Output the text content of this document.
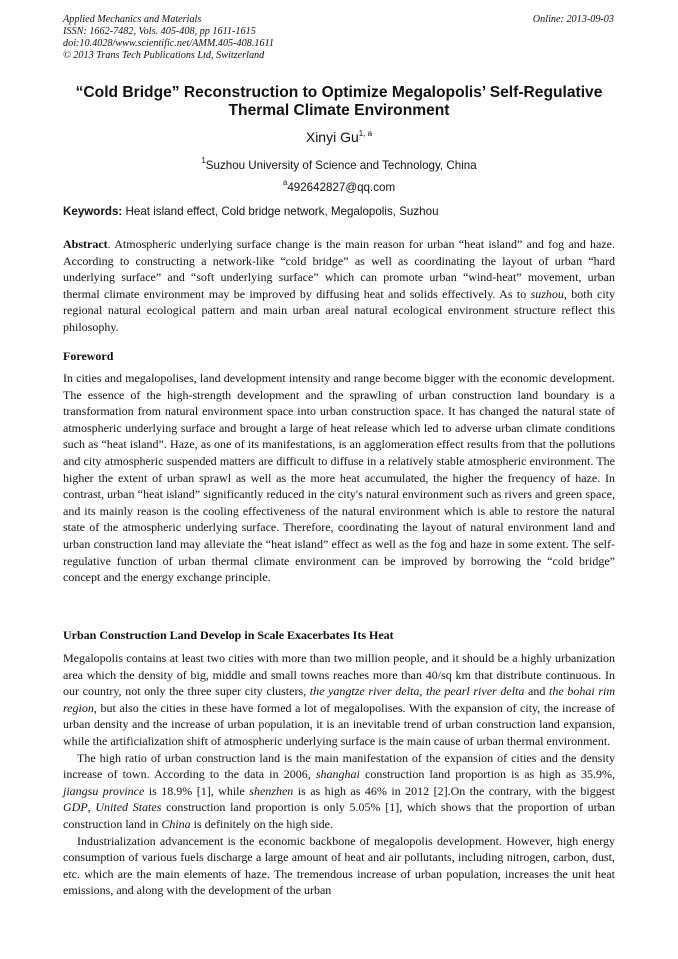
Applied Mechanics and Materials
ISSN: 1662-7482, Vols. 405-408, pp 1611-1615
doi:10.4028/www.scientific.net/AMM.405-408.1611
© 2013 Trans Tech Publications Ltd, Switzerland
Online: 2013-09-03
“Cold Bridge” Reconstruction to Optimize Megalopolis’ Self-Regulative
Thermal Climate Environment
Xinyi Gu$^{1, a}$
$^1$Suzhou University of Science and Technology, China
$^a$492642827@qq.com
Keywords: Heat island effect, Cold bridge network, Megalopolis, Suzhou

Abstract. Atmospheric underlying surface change is the main reason for urban “heat island” and fog and haze. According to constructing a network-like “cold bridge” as well as coordinating the layout of urban “hard underlying surface” and “soft underlying surface” which can promote urban “wind-heat” movement, urban thermal climate environment may be improved by diffusing heat and solids effectively. As to suzhou, both city regional natural ecological pattern and main urban areal natural ecological environment structure reflect this philosophy.

Foreword

In cities and megalopolises, land development intensity and range become bigger with the economic development. The essence of the high-strength development and the sprawling of urban construction land boundary is a transformation from natural environment space into urban construction space. It has changed the natural state of atmospheric underlying surface and brought a large of heat release which led to adverse urban climate conditions such as “heat island”. Haze, as one of its manifestations, is an agglomeration effect results from that the pollutions and city atmospheric suspended matters are difficult to diffuse in a relatively stable atmospheric environment. The higher the extent of urban sprawl as well as the more heat accumulated, the higher the frequency of haze. In contrast, urban “heat island” significantly reduced in the city's natural environment such as rivers and green space, and its mainly reason is the cooling effectiveness of the natural environment which is able to restore the natural state of the atmospheric underlying surface. Therefore, coordinating the layout of natural environment land and urban construction land may alleviate the “heat island” effect as well as the fog and haze in some extent. The self-regulative function of urban thermal climate environment can be improved by borrowing the “cold bridge” concept and the energy exchange principle.

Urban Construction Land Develop in Scale Exacerbates Its Heat

Megalopolis contains at least two cities with more than two million people, and it should be a highly urbanization area which the density of big, middle and small towns reaches more than 40/sq km that distribute continuous. In our country, not only the three super city clusters, the yangtze river delta, the pearl river delta and the bohai rim region, but also the cities in these have formed a lot of megalopolises. With the expansion of city, the increase of urban density and the increase of urban population, it is an inevitable trend of urban construction land expansion, while the artificialization shift of atmospheric underlying surface is the main cause of urban thermal environment.

The high ratio of urban construction land is the main manifestation of the expansion of cities and the density increase of town. According to the data in 2006, shanghai construction land proportion is as high as 35.9%, jiangsu province is 18.9% [1], while shenzhen is as high as 46% in 2012 [2].On the contrary, with the biggest GDP, United States construction land proportion is only 5.05% [1], which shows that the proportion of urban construction land in China is definitely on the high side.

Industrialization advancement is the economic backbone of megalopolis development. However, high energy consumption of various fuels discharge a large amount of heat and air pollutants, including nitrogen, carbon, dust, etc. which are the main elements of haze. The tremendous increase of urban population, increases the unit heat emissions, and along with the development of the urban
